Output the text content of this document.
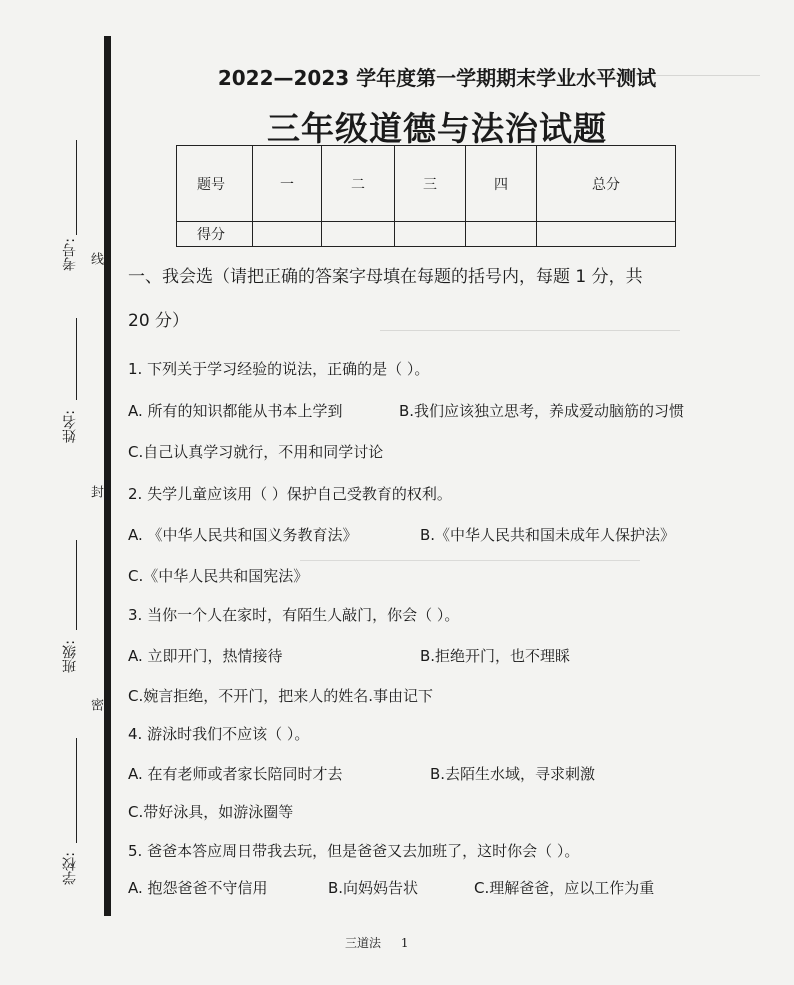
考号: 线
姓名:
封
班级:
密
学校:
2022—2023 学年度第一学期期末学业水平测试
三年级道德与法治试题
题号	一	二	三	四	总分
得分					
一、我会选（请把正确的答案字母填在每题的括号内，每题 1 分，共
20 分）
1. 下列关于学习经验的说法，正确的是（ ）。
A. 所有的知识都能从书本上学到	B.我们应该独立思考，养成爱动脑筋的习惯
C.自己认真学习就行，不用和同学讨论
2. 失学儿童应该用（ ）保护自己受教育的权利。
A. 《中华人民共和国义务教育法》	B.《中华人民共和国未成年人保护法》
C.《中华人民共和国宪法》
3. 当你一个人在家时，有陌生人敲门，你会（ ）。
A. 立即开门，热情接待	B.拒绝开门，也不理睬
C.婉言拒绝，不开门，把来人的姓名.事由记下
4. 游泳时我们不应该（ ）。
A. 在有老师或者家长陪同时才去	B.去陌生水域，寻求刺激
C.带好泳具，如游泳圈等
5. 爸爸本答应周日带我去玩，但是爸爸又去加班了，这时你会（ ）。
A. 抱怨爸爸不守信用	B.向妈妈告状	C.理解爸爸，应以工作为重
三道法 1
